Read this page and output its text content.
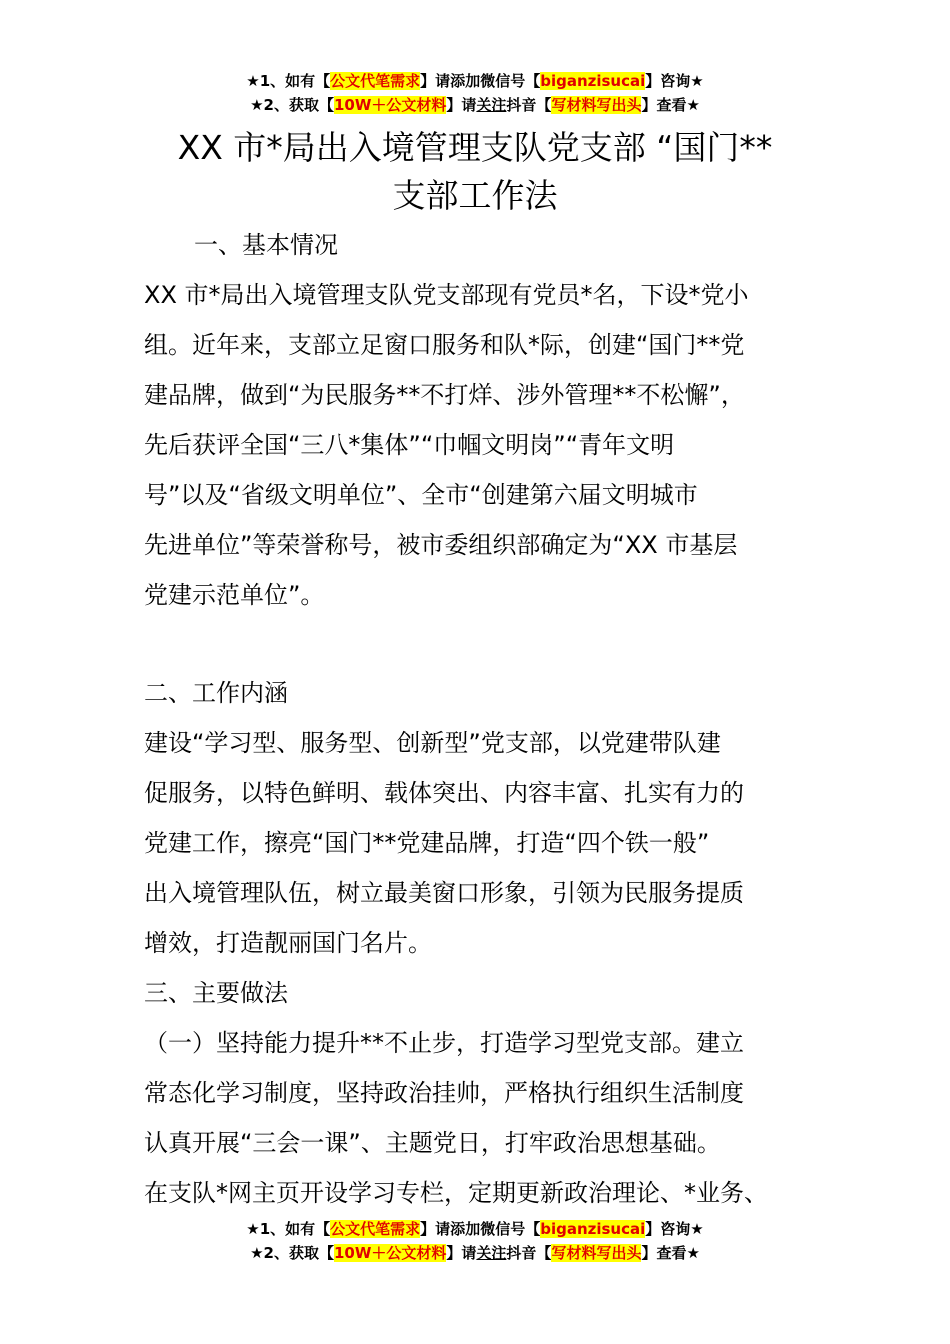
★1、如有【公文代笔需求】请添加微信号【biganzisucai】咨询★
★2、获取【10W＋公文材料】请关注抖音【写材料写出头】查看★
XX 市*局出入境管理支队党支部 “国门**
支部工作法
一、基本情况
XX 市*局出入境管理支队党支部现有党员*名，下设*党小
组。近年来，支部立足窗口服务和队*际，创建“国门**党
建品牌，做到“为民服务**不打烊、涉外管理**不松懈”，
先后获评全国“三八*集体”“巾帼文明岗”“青年文明
号”以及“省级文明单位”、全市“创建第六届文明城市
先进单位”等荣誉称号，被市委组织部确定为“XX 市基层
党建示范单位”。
二、工作内涵
建设“学习型、服务型、创新型”党支部，以党建带队建
促服务，以特色鲜明、载体突出、内容丰富、扎实有力的
党建工作，擦亮“国门**党建品牌，打造“四个铁一般”
出入境管理队伍，树立最美窗口形象，引领为民服务提质
增效，打造靓丽国门名片。
三、主要做法
（一）坚持能力提升**不止步，打造学习型党支部。建立
常态化学习制度，坚持政治挂帅，严格执行组织生活制度
认真开展“三会一课”、主题党日，打牢政治思想基础。
在支队*网主页开设学习专栏，定期更新政治理论、*业务、
★1、如有【公文代笔需求】请添加微信号【biganzisucai】咨询★
★2、获取【10W＋公文材料】请关注抖音【写材料写出头】查看★
